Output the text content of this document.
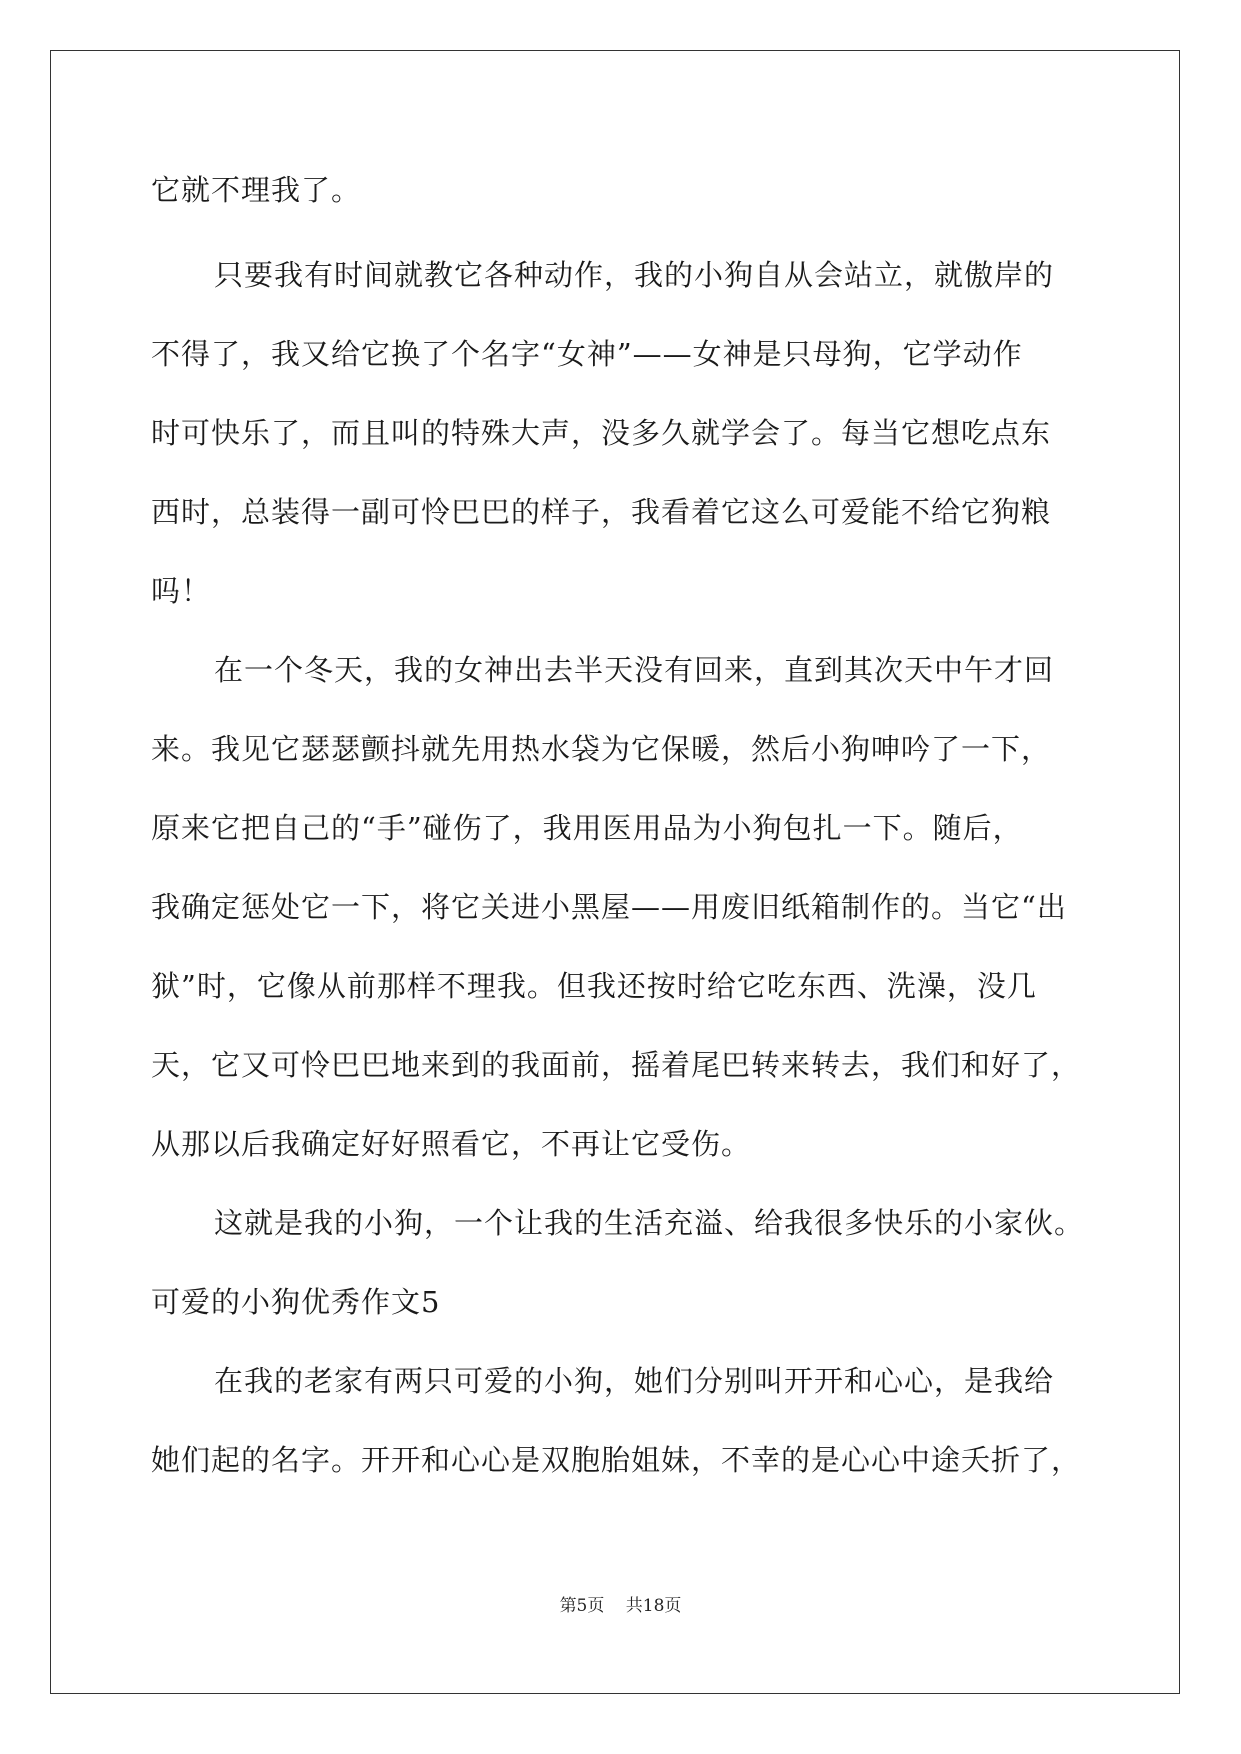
它就不理我了。
只要我有时间就教它各种动作，我的小狗自从会站立，就傲岸的
不得了，我又给它换了个名字“女神”——女神是只母狗，它学动作
时可快乐了，而且叫的特殊大声，没多久就学会了。每当它想吃点东
西时，总装得一副可怜巴巴的样子，我看着它这么可爱能不给它狗粮
吗！
在一个冬天，我的女神出去半天没有回来，直到其次天中午才回
来。我见它瑟瑟颤抖就先用热水袋为它保暖，然后小狗呻吟了一下，
原来它把自己的“手”碰伤了，我用医用品为小狗包扎一下。随后，
我确定惩处它一下，将它关进小黑屋——用废旧纸箱制作的。当它“出
狱”时，它像从前那样不理我。但我还按时给它吃东西、洗澡，没几
天，它又可怜巴巴地来到的我面前，摇着尾巴转来转去，我们和好了，
从那以后我确定好好照看它，不再让它受伤。
这就是我的小狗，一个让我的生活充溢、给我很多快乐的小家伙。
可爱的小狗优秀作文5
在我的老家有两只可爱的小狗，她们分别叫开开和心心，是我给
她们起的名字。开开和心心是双胞胎姐妹，不幸的是心心中途夭折了，
第5页 共18页
